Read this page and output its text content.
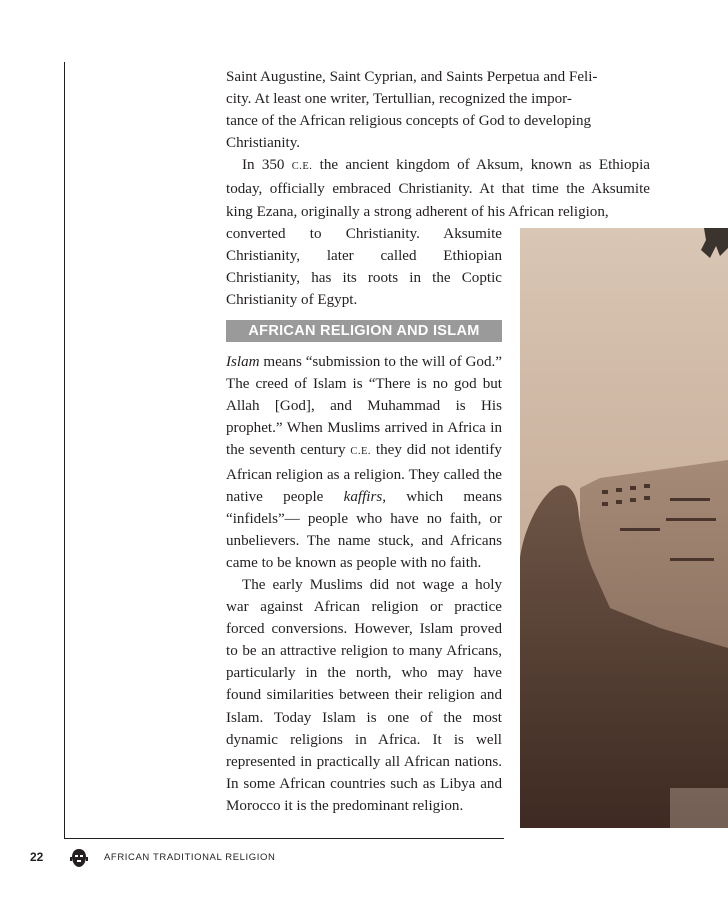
Saint Augustine, Saint Cyprian, and Saints Perpetua and Feli-
city. At least one writer, Tertullian, recognized the impor-
tance of the African religious concepts of God to developing
Christianity.

In 350 C.E. the ancient kingdom of Aksum, known as Ethiopia today, officially embraced Christianity. At that time the Aksumite king Ezana, originally a strong adherent of his African religion,

converted to Christianity. Aksumite Christianity, later called Ethiopian Christianity, has its roots in the Coptic Christianity of Egypt.

AFRICAN RELIGION AND ISLAM

Islam means “submission to the will of God.” The creed of Islam is “There is no god but Allah [God], and Muhammad is His prophet.” When Muslims arrived in Africa in the seventh century C.E. they did not identify African religion as a religion. They called the native people kaffirs, which means “infidels”— people who have no faith, or unbelievers. The name stuck, and Africans came to be known as people with no faith.

The early Muslims did not wage a holy war against African religion or practice forced conversions. However, Islam proved to be an attractive religion to many Africans, particularly in the north, who may have found similarities between their religion and Islam. Today Islam is one of the most dynamic religions in Africa. It is well represented in practically all African nations. In some African countries such as Libya and Morocco it is the predominant religion.

22	AFRICAN TRADITIONAL RELIGION
